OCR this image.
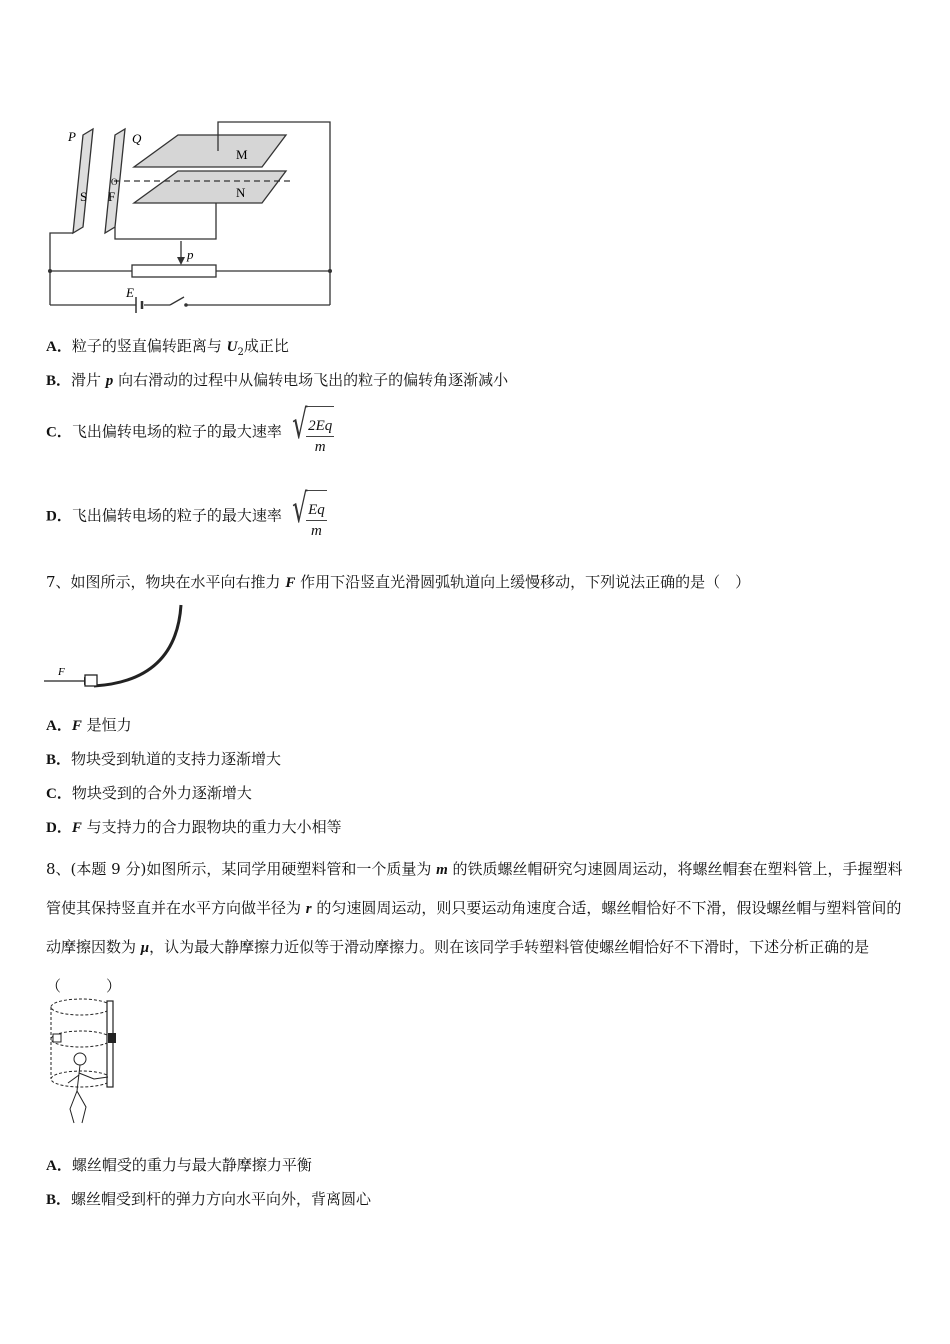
P	Q
M
N
S F
O
p
E
A．粒子的竖直偏转距离与 $U_2$成正比
B．滑片 p 向右滑动的过程中从偏转电场飞出的粒子的偏转角逐渐减小
C．飞出偏转电场的粒子的最大速率 √ $\frac{2Eq}{m}$
D．飞出偏转电场的粒子的最大速率 √ $\frac{Eq}{m}$
7、如图所示，物块在水平向右推力 F 作用下沿竖直光滑圆弧轨道向上缓慢移动，下列说法正确的是（　）
F
A．F 是恒力
B．物块受到轨道的支持力逐渐增大
C．物块受到的合外力逐渐增大
D．F 与支持力的合力跟物块的重力大小相等
8、(本题 9 分)如图所示，某同学用硬塑料管和一个质量为 m 的铁质螺丝帽研究匀速圆周运动，将螺丝帽套在塑料管上，手握塑料管使其保持竖直并在水平方向做半径为 r 的匀速圆周运动，则只要运动角速度合适，螺丝帽恰好不下滑，假设螺丝帽与塑料管间的动摩擦因数为 μ，认为最大静摩擦力近似等于滑动摩擦力。则在该同学手转塑料管使螺丝帽恰好不下滑时，下述分析正确的是（　　　）
A．螺丝帽受的重力与最大静摩擦力平衡
B．螺丝帽受到杆的弹力方向水平向外，背离圆心
